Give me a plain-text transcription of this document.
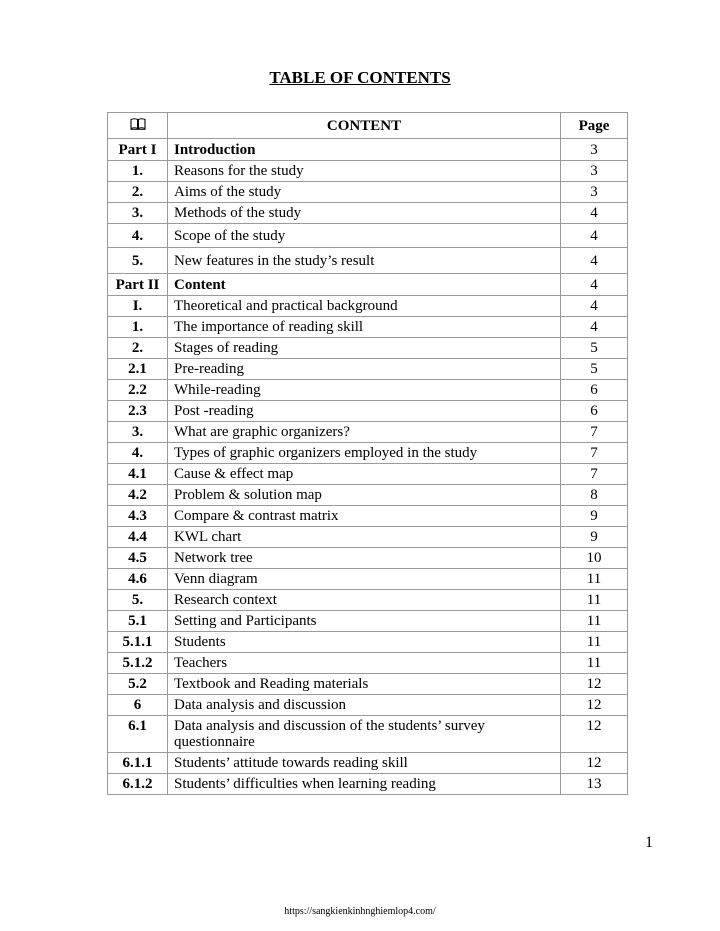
TABLE OF CONTENTS
	CONTENT	Page
Part I	Introduction	3
1.	Reasons for the study	3
2.	Aims of the study	3
3.	Methods of the study	4
4.	Scope of the study	4
5.	New features in the study’s result	4
Part II	Content	4
I.	Theoretical and practical background	4
1.	The importance of reading skill	4
2.	Stages of reading	5
2.1	Pre-reading	5
2.2	While-reading	6
2.3	Post -reading	6
3.	What are graphic organizers?	7
4.	Types of graphic organizers employed in the study	7
4.1	Cause & effect map	7
4.2	Problem & solution map	8
4.3	Compare & contrast matrix	9
4.4	KWL chart	9
4.5	Network tree	10
4.6	Venn diagram	11
5.	Research context	11
5.1	Setting and Participants	11
5.1.1	Students	11
5.1.2	Teachers	11
5.2	Textbook and Reading materials	12
6	Data analysis and discussion	12
6.1	Data analysis and discussion of the students’ survey questionnaire	12
6.1.1	Students’ attitude towards reading skill	12
6.1.2	Students’ difficulties when learning reading	13
1
https://sangkienkinhnghiemlop4.com/
